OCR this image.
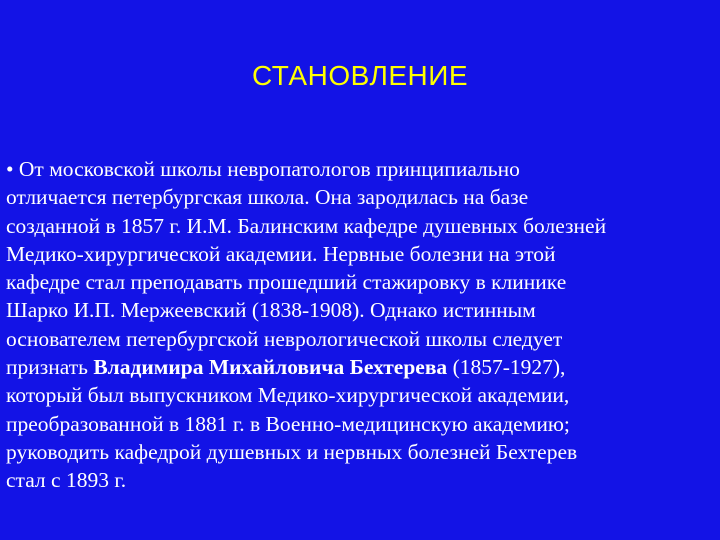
СТАНОВЛЕНИЕ
• От московской школы невропатологов принципиально
отличается петербургская школа. Она зародилась на базе
созданной в 1857 г. И.М. Балинским кафедре душевных болезней
Медико-хирургической академии. Нервные болезни на этой
кафедре стал преподавать прошедший стажировку в клинике
Шарко И.П. Мержеевский (1838-1908). Однако истинным
основателем петербургской неврологической школы следует
признать Владимира Михайловича Бехтерева (1857-1927),
который был выпускником Медико-хирургической академии,
преобразованной в 1881 г. в Военно-медицинскую академию;
руководить кафедрой душевных и нервных болезней Бехтерев
стал с 1893 г.
